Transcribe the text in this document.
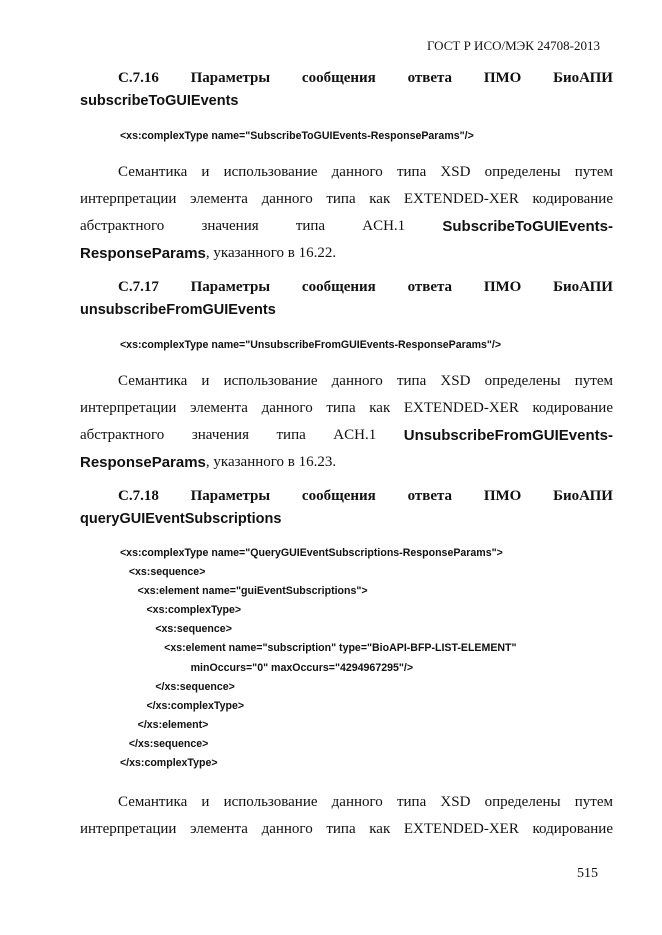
ГОСТ Р ИСО/МЭК 24708-2013
C.7.16 Параметры сообщения ответа ПМО БиоАПИ
subscribeToGUIEvents
<xs:complexType name="SubscribeToGUIEvents-ResponseParams"/>
Семантика и использование данного типа XSD определены путем
интерпретации элемента данного типа как EXTENDED-XER кодирование
абстрактного значения типа ACH.1 SubscribeToGUIEvents-
ResponseParams , указанного в 16.22.
C.7.17 Параметры сообщения ответа ПМО БиоАПИ
unsubscribeFromGUIEvents
<xs:complexType name="UnsubscribeFromGUIEvents-ResponseParams"/>
Семантика и использование данного типа XSD определены путем
интерпретации элемента данного типа как EXTENDED-XER кодирование
абстрактного значения типа ACH.1 UnsubscribeFromGUIEvents-
ResponseParams , указанного в 16.23.
C.7.18 Параметры сообщения ответа ПМО БиоАПИ
queryGUIEventSubscriptions
<xs:complexType name="QueryGUIEventSubscriptions-ResponseParams">
<xs:sequence>
<xs:element name="guiEventSubscriptions">
<xs:complexType>
<xs:sequence>
<xs:element name="subscription" type="BioAPI-BFP-LIST-ELEMENT"
minOccurs="0" maxOccurs="4294967295"/>
</xs:sequence>
</xs:complexType>
</xs:element>
</xs:sequence>
</xs:complexType>
Семантика и использование данного типа XSD определены путем
интерпретации элемента данного типа как EXTENDED-XER кодирование
515
